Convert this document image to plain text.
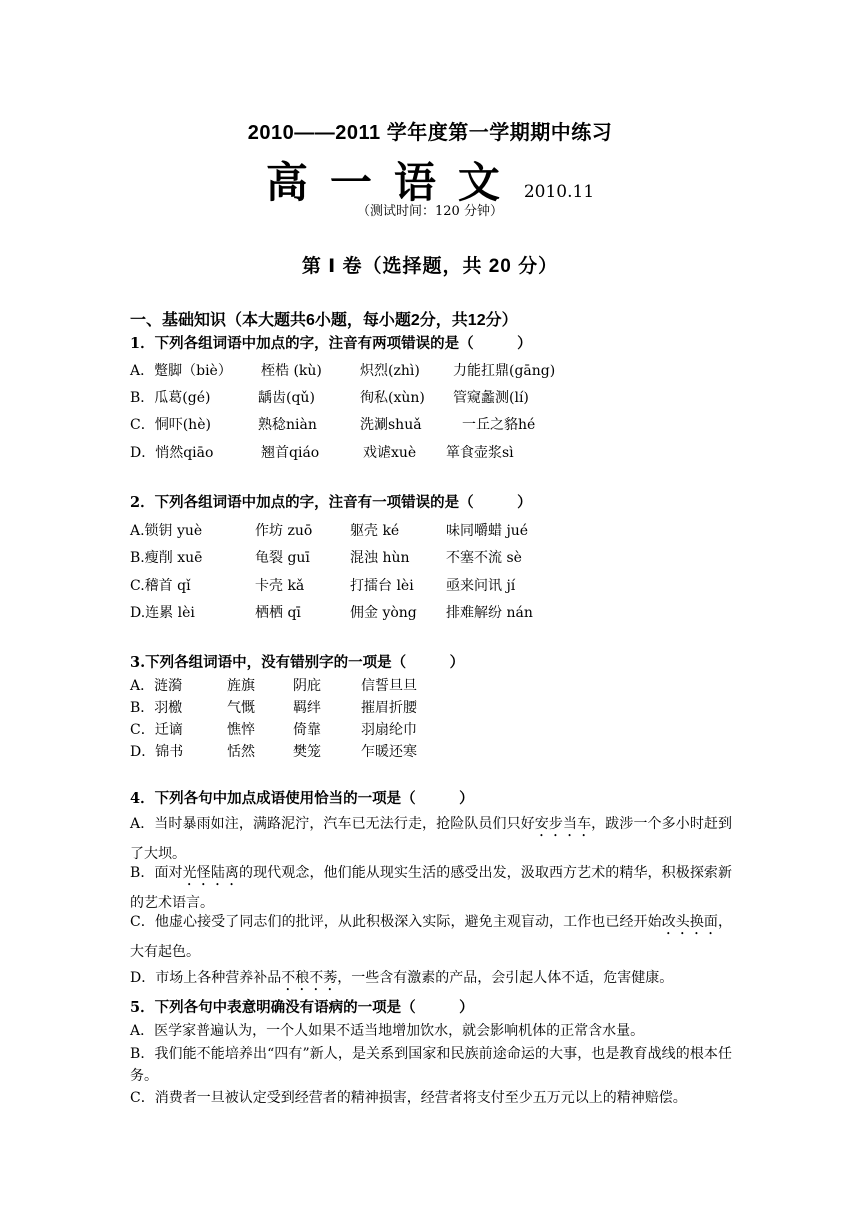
2010——2011 学年度第一学期期中练习
高一语文 2010.11
（测试时间：120 分钟）
第 Ⅰ 卷（选择题，共 20 分）
一、基础知识（本大题共6小题，每小题2分，共12分）
1．下列各组词语中加点的字，注音有两项错误的是（　　　）
A．蹩脚（biè） 桎梏 (kù)	炽烈(zhì) 力能扛鼎(gāng)
B．瓜葛(gé)	龋齿(qǔ)	徇私(xùn) 管窥蠡测(lí)
C．恫吓(hè)	熟稔niàn	洗涮shuǎ	一丘之貉hé
D．悄然qiāo	翘首qiáo	戏谑xuè 箪食壶浆sì
2．下列各组词语中加点的字，注音有一项错误的是（　　　）
A.锁钥 yuè	作坊 zuō	躯壳 ké	味同嚼蜡 jué
B.瘦削 xuē	龟裂 guī	混浊 hùn	不塞不流 sè
C.稽首 qǐ	卡壳 kǎ	打擂台 lèi 亟来问讯 jí
D.连累 lèi	栖栖 qī	佣金 yòng 排难解纷 nán
3.下列各组词语中，没有错别字的一项是（　　　）
A．涟漪	旌旗	阴庇	信誓旦旦
B．羽檄	气慨	羁绊	摧眉折腰
C．迁谪	憔悴	倚靠	羽扇纶巾
D．锦书	恬然	樊笼	乍暖还寒
4．下列各句中加点成语使用恰当的一项是（　　　）
A．当时暴雨如注，满路泥泞，汽车已无法行走，抢险队员们只好安步当车，跋涉一个多小时赶到了大坝。
B．面对光怪陆离的现代观念，他们能从现实生活的感受出发，汲取西方艺术的精华，积极探索新的艺术语言。
C．他虚心接受了同志们的批评，从此积极深入实际，避免主观盲动，工作也已经开始改头换面，大有起色。
D．市场上各种营养补品不稂不莠，一些含有激素的产品，会引起人体不适，危害健康。
5．下列各句中表意明确没有语病的一项是（　　　）
A．医学家普遍认为，一个人如果不适当地增加饮水，就会影响机体的正常含水量。
B．我们能不能培养出“四有”新人，是关系到国家和民族前途命运的大事，也是教育战线的根本任务。
C．消费者一旦被认定受到经营者的精神损害，经营者将支付至少五万元以上的精神赔偿。
